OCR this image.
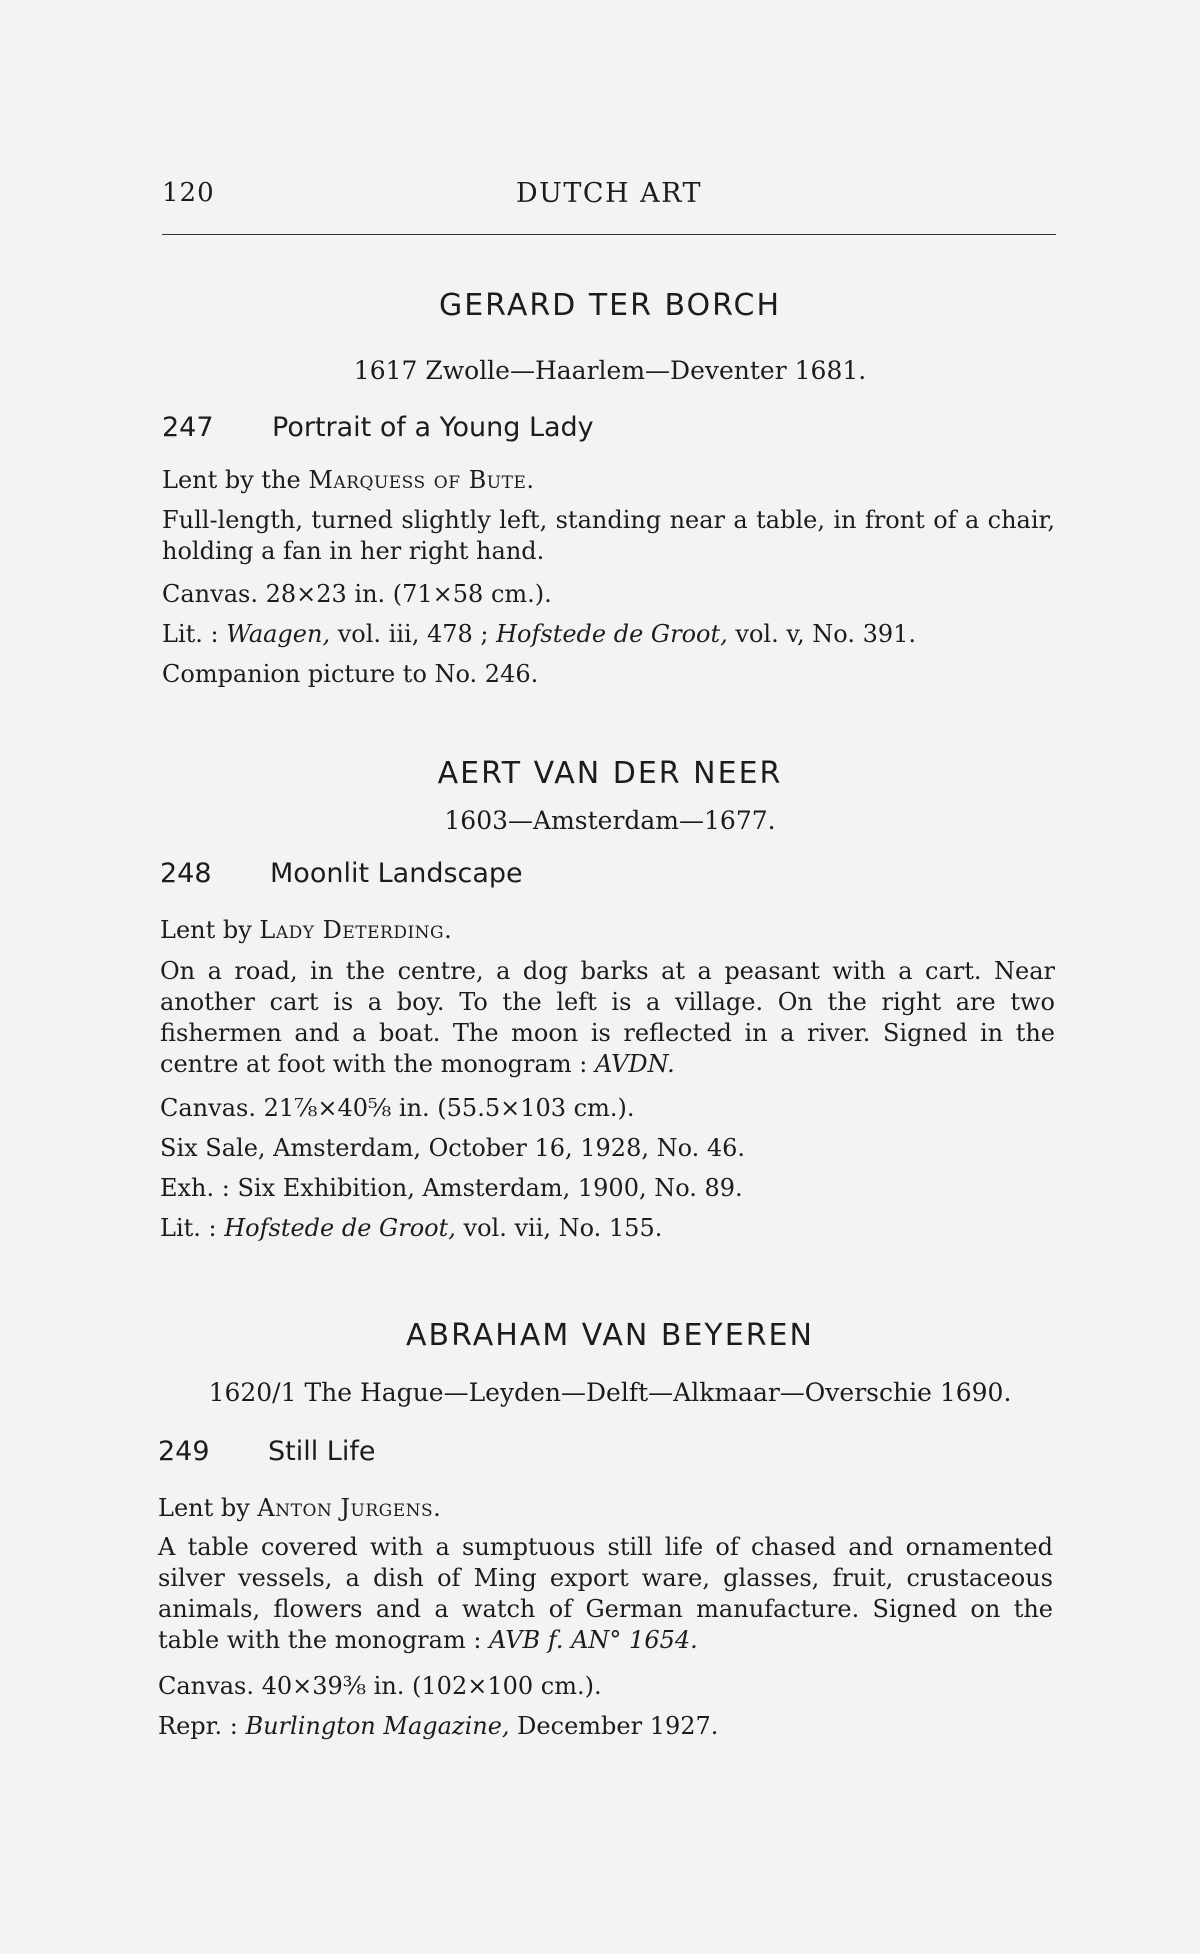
120	DUTCH ART
GERARD TER BORCH
1617 Zwolle—Haarlem—Deventer 1681.
247 Portrait of a Young Lady
Lent by the Marquess of Bute.
Full-length, turned slightly left, standing near a table, in front of a chair, holding a fan in her right hand.
Canvas. 28×23 in. (71×58 cm.).
Lit. : Waagen, vol. iii, 478 ; Hofstede de Groot, vol. v, No. 391.
Companion picture to No. 246.
AERT VAN DER NEER
1603—Amsterdam—1677.
248 Moonlit Landscape
Lent by Lady Deterding.
On a road, in the centre, a dog barks at a peasant with a cart. Near another cart is a boy. To the left is a village. On the right are two fishermen and a boat. The moon is reflected in a river. Signed in the centre at foot with the monogram : AVDN.
Canvas. 21⅞×40⅝ in. (55.5×103 cm.).
Six Sale, Amsterdam, October 16, 1928, No. 46.
Exh. : Six Exhibition, Amsterdam, 1900, No. 89.
Lit. : Hofstede de Groot, vol. vii, No. 155.
ABRAHAM VAN BEYEREN
1620/1 The Hague—Leyden—Delft—Alkmaar—Overschie 1690.
249 Still Life
Lent by Anton Jurgens.
A table covered with a sumptuous still life of chased and ornamented silver vessels, a dish of Ming export ware, glasses, fruit, crustaceous animals, flowers and a watch of German manufacture. Signed on the table with the monogram : AVB f. AN° 1654.
Canvas. 40×39⅜ in. (102×100 cm.).
Repr. : Burlington Magazine, December 1927.
